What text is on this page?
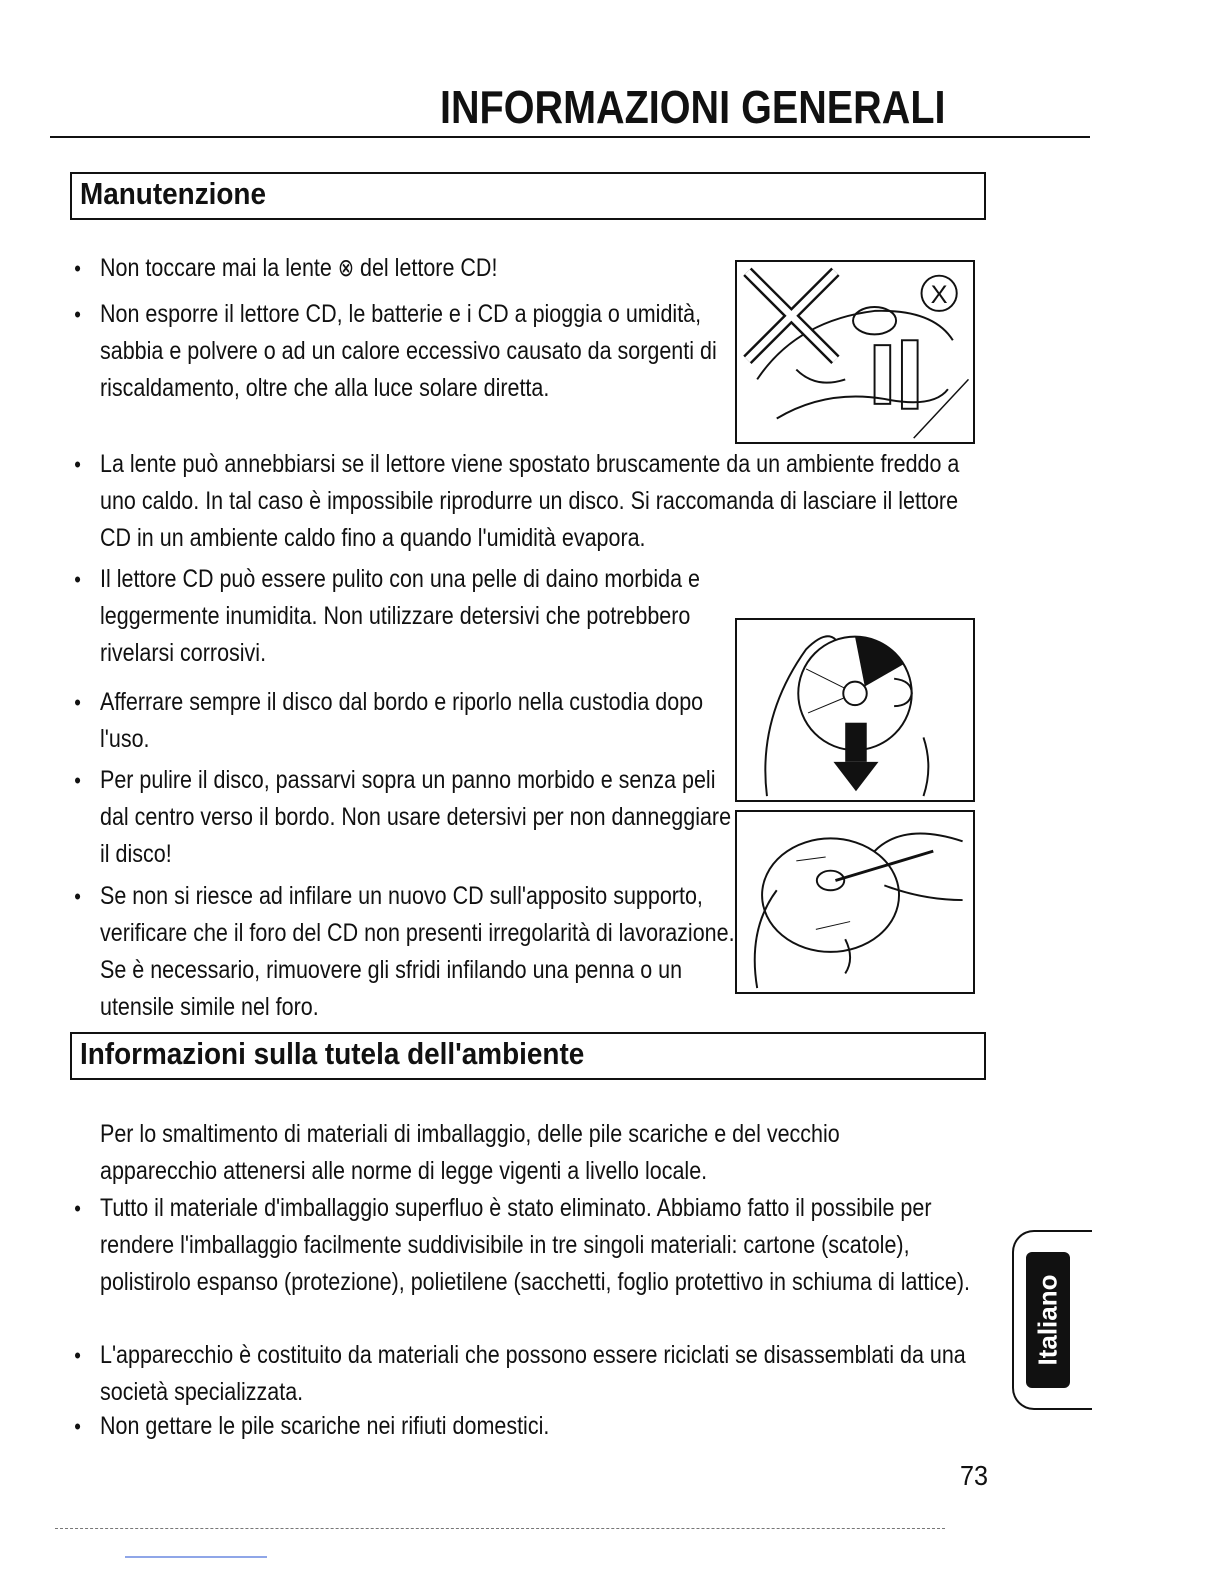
INFORMAZIONI GENERALI
Manutenzione
• Non toccare mai la lente ⊗ del lettore CD!
• Non esporre il lettore CD, le batterie e i CD a pioggia o umidità, sabbia e polvere o ad un calore eccessivo causato da sorgenti di riscaldamento, oltre che alla luce solare diretta.
• La lente può annebbiarsi se il lettore viene spostato bruscamente da un ambiente freddo a uno caldo. In tal caso è impossibile riprodurre un disco. Si raccomanda di lasciare il lettore CD in un ambiente caldo fino a quando l'umidità evapora.
• Il lettore CD può essere pulito con una pelle di daino morbida e leggermente inumidita. Non utilizzare detersivi che potrebbero rivelarsi corrosivi.
• Afferrare sempre il disco dal bordo e riporlo nella custodia dopo l'uso.
• Per pulire il disco, passarvi sopra un panno morbido e senza peli dal centro verso il bordo. Non usare detersivi per non danneggiare il disco!
• Se non si riesce ad infilare un nuovo CD sull'apposito supporto, verificare che il foro del CD non presenti irregolarità di lavorazione. Se è necessario, rimuovere gli sfridi infilando una penna o un utensile simile nel foro.
X
Informazioni sulla tutela dell'ambiente
Per lo smaltimento di materiali di imballaggio, delle pile scariche e del vecchio apparecchio attenersi alle norme di legge vigenti a livello locale.
• Tutto il materiale d'imballaggio superfluo è stato eliminato. Abbiamo fatto il possibile per rendere l'imballaggio facilmente suddivisibile in tre singoli materiali: cartone (scatole), polistirolo espanso (protezione), polietilene (sacchetti, foglio protettivo in schiuma di lattice).
• L'apparecchio è costituito da materiali che possono essere riciclati se disassemblati da una società specializzata.
• Non gettare le pile scariche nei rifiuti domestici.
Italiano
73
